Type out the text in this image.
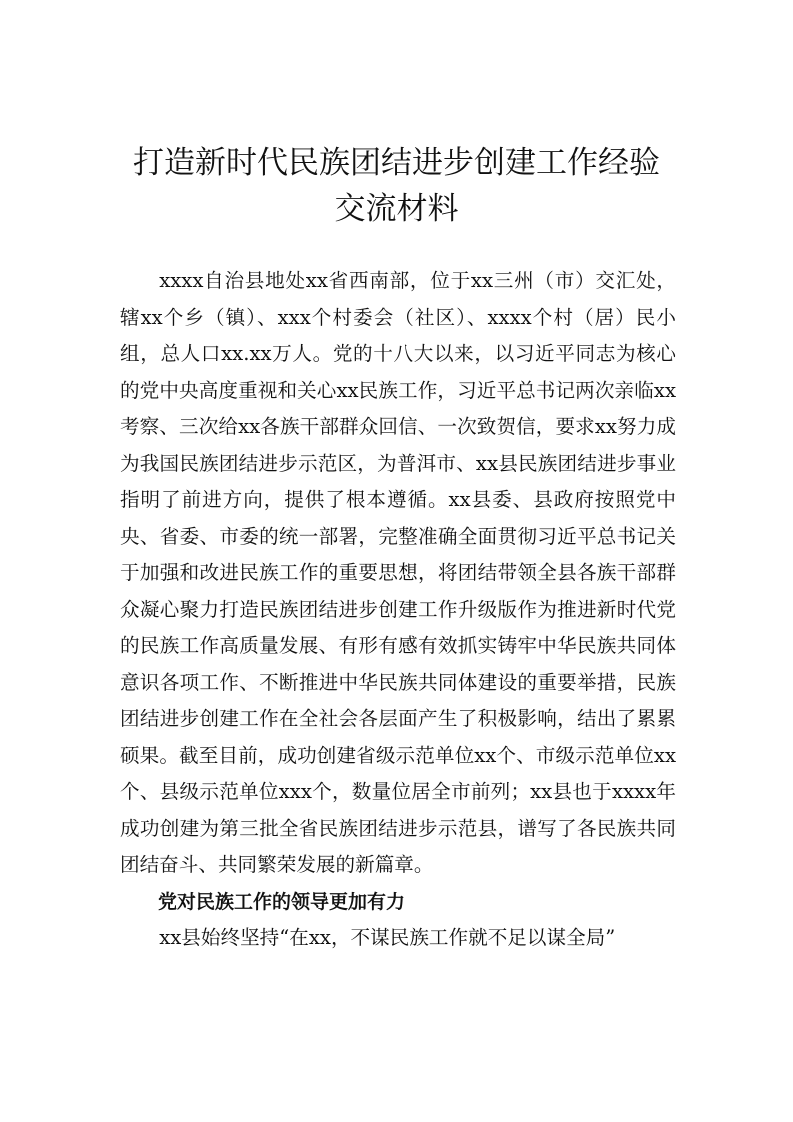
打造新时代民族团结进步创建工作经验交流材料

xxxx自治县地处xx省西南部，位于xx三州（市）交汇处，辖xx个乡（镇）、xxx个村委会（社区）、xxxx个村（居）民小组，总人口xx.xx万人。党的十八大以来，以习近平同志为核心的党中央高度重视和关心xx民族工作，习近平总书记两次亲临xx考察、三次给xx各族干部群众回信、一次致贺信，要求xx努力成为我国民族团结进步示范区，为普洱市、xx县民族团结进步事业指明了前进方向，提供了根本遵循。xx县委、县政府按照党中央、省委、市委的统一部署，完整准确全面贯彻习近平总书记关于加强和改进民族工作的重要思想，将团结带领全县各族干部群众凝心聚力打造民族团结进步创建工作升级版作为推进新时代党的民族工作高质量发展、有形有感有效抓实铸牢中华民族共同体意识各项工作、不断推进中华民族共同体建设的重要举措，民族团结进步创建工作在全社会各层面产生了积极影响，结出了累累硕果。截至目前，成功创建省级示范单位xx个、市级示范单位xx个、县级示范单位xxx个，数量位居全市前列；xx县也于xxxx年成功创建为第三批全省民族团结进步示范县，谱写了各民族共同团结奋斗、共同繁荣发展的新篇章。

党对民族工作的领导更加有力

xx县始终坚持“在xx，不谋民族工作就不足以谋全局”
